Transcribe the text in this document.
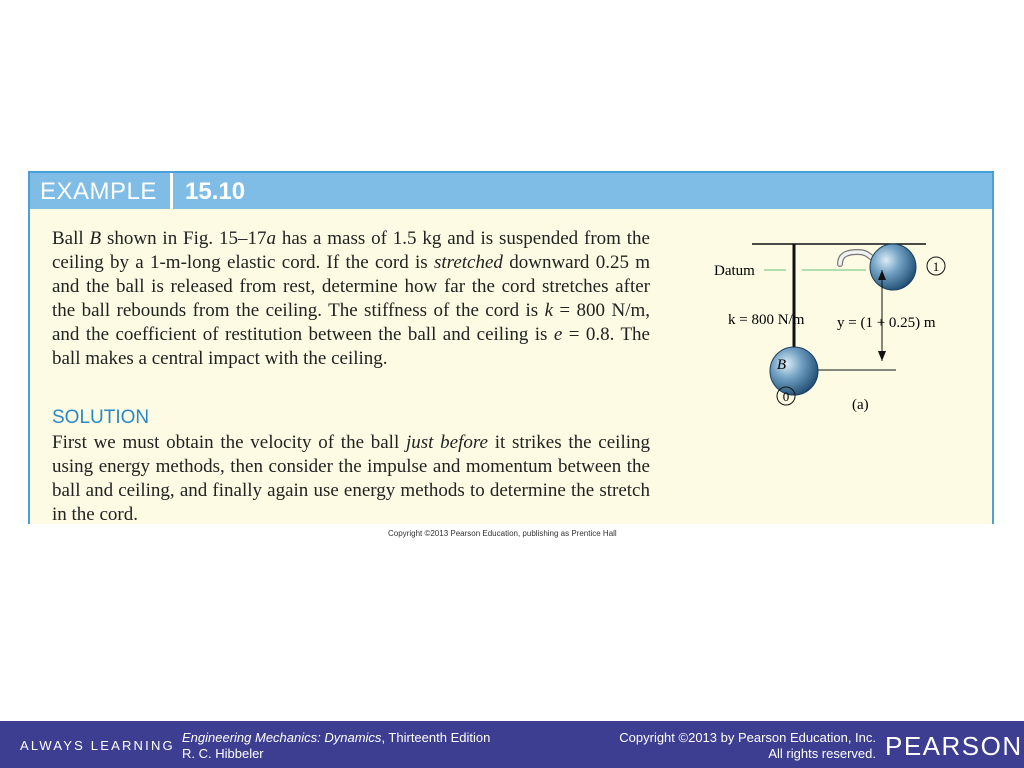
EXAMPLE 15.10
Ball B shown in Fig. 15–17a has a mass of 1.5 kg and is suspended from the ceiling by a 1-m-long elastic cord. If the cord is stretched downward 0.25 m and the ball is released from rest, determine how far the cord stretches after the ball rebounds from the ceiling. The stiffness of the cord is k = 800 N/m, and the coefficient of restitution between the ball and ceiling is e = 0.8. The ball makes a central impact with the ceiling.
SOLUTION
First we must obtain the velocity of the ball just before it strikes the ceiling using energy methods, then consider the impulse and momentum between the ball and ceiling, and finally again use energy methods to determine the stretch in the cord.
Datum	1
y = (1 + 0.25) m
k = 800 N/m
B
0
(a)
Copyright ©2013 Pearson Education, publishing as Prentice Hall
ALWAYS LEARNING
Engineering Mechanics: Dynamics, Thirteenth Edition
R. C. Hibbeler
Copyright ©2013 by Pearson Education, Inc.
All rights reserved. PEARSON
